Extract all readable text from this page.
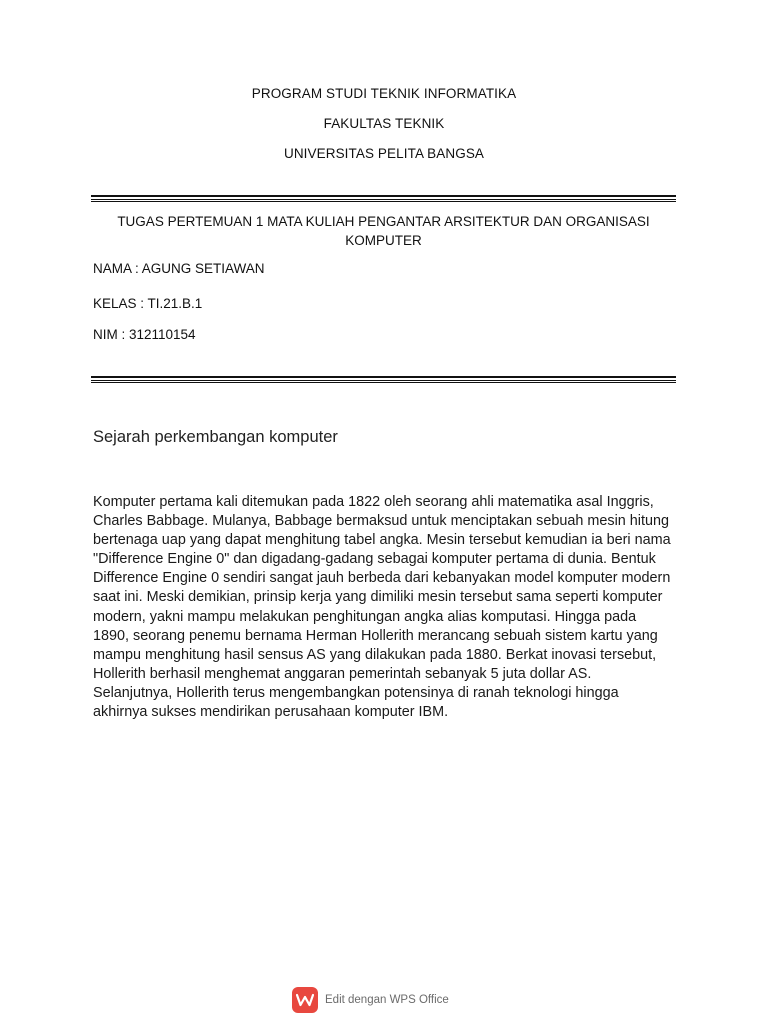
PROGRAM STUDI TEKNIK INFORMATIKA
FAKULTAS TEKNIK
UNIVERSITAS PELITA BANGSA
TUGAS PERTEMUAN 1 MATA KULIAH PENGANTAR ARSITEKTUR DAN ORGANISASI
KOMPUTER
NAMA : AGUNG SETIAWAN
KELAS : TI.21.B.1
NIM : 312110154
Sejarah perkembangan komputer

Komputer pertama kali ditemukan pada 1822 oleh seorang ahli matematika asal Inggris, Charles Babbage. Mulanya, Babbage bermaksud untuk menciptakan sebuah mesin hitung bertenaga uap yang dapat menghitung tabel angka. Mesin tersebut kemudian ia beri nama "Difference Engine 0" dan digadang-gadang sebagai komputer pertama di dunia. Bentuk Difference Engine 0 sendiri sangat jauh berbeda dari kebanyakan model komputer modern saat ini. Meski demikian, prinsip kerja yang dimiliki mesin tersebut sama seperti komputer modern, yakni mampu melakukan penghitungan angka alias komputasi. Hingga pada 1890, seorang penemu bernama Herman Hollerith merancang sebuah sistem kartu yang mampu menghitung hasil sensus AS yang dilakukan pada 1880. Berkat inovasi tersebut, Hollerith berhasil menghemat anggaran pemerintah sebanyak 5 juta dollar AS. Selanjutnya, Hollerith terus mengembangkan potensinya di ranah teknologi hingga akhirnya sukses mendirikan perusahaan komputer IBM.

Edit dengan WPS Office
